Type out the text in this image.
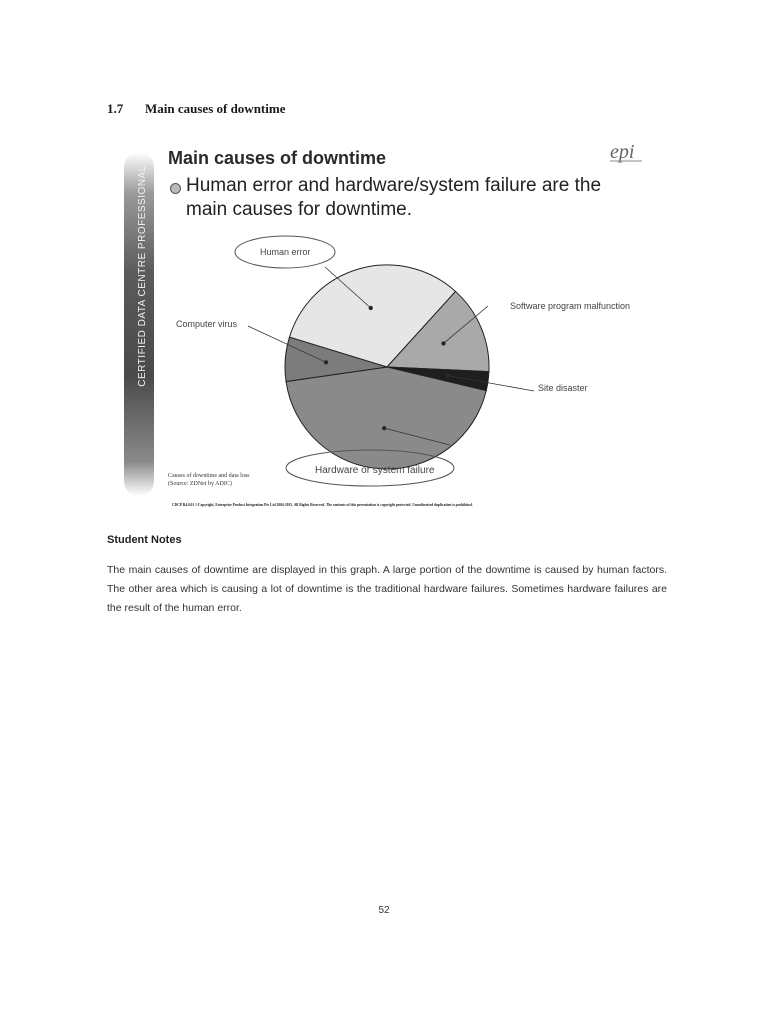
1.7 Main causes of downtime
CERTIFIED DATA CENTRE PROFESSIONAL
Main causes of downtime
Human error and hardware/system failure are the main causes for downtime.
epi
Human error
Software program malfunction
Site disaster
Hardware or system failure
Computer virus
Causes of downtime and data loss
(Source: ZDNet by ADIC)
CDCP R4.0.01 ©Copyright, Enterprise Product Integration Pte Ltd 2004-2015. All Rights Reserved. The contents of this presentation is copyright protected. Unauthorised duplication is prohibited.
Student Notes
The main causes of downtime are displayed in this graph. A large portion of the downtime is caused by human factors. The other area which is causing a lot of downtime is the traditional hardware failures. Sometimes hardware failures are the result of the human error.
52
